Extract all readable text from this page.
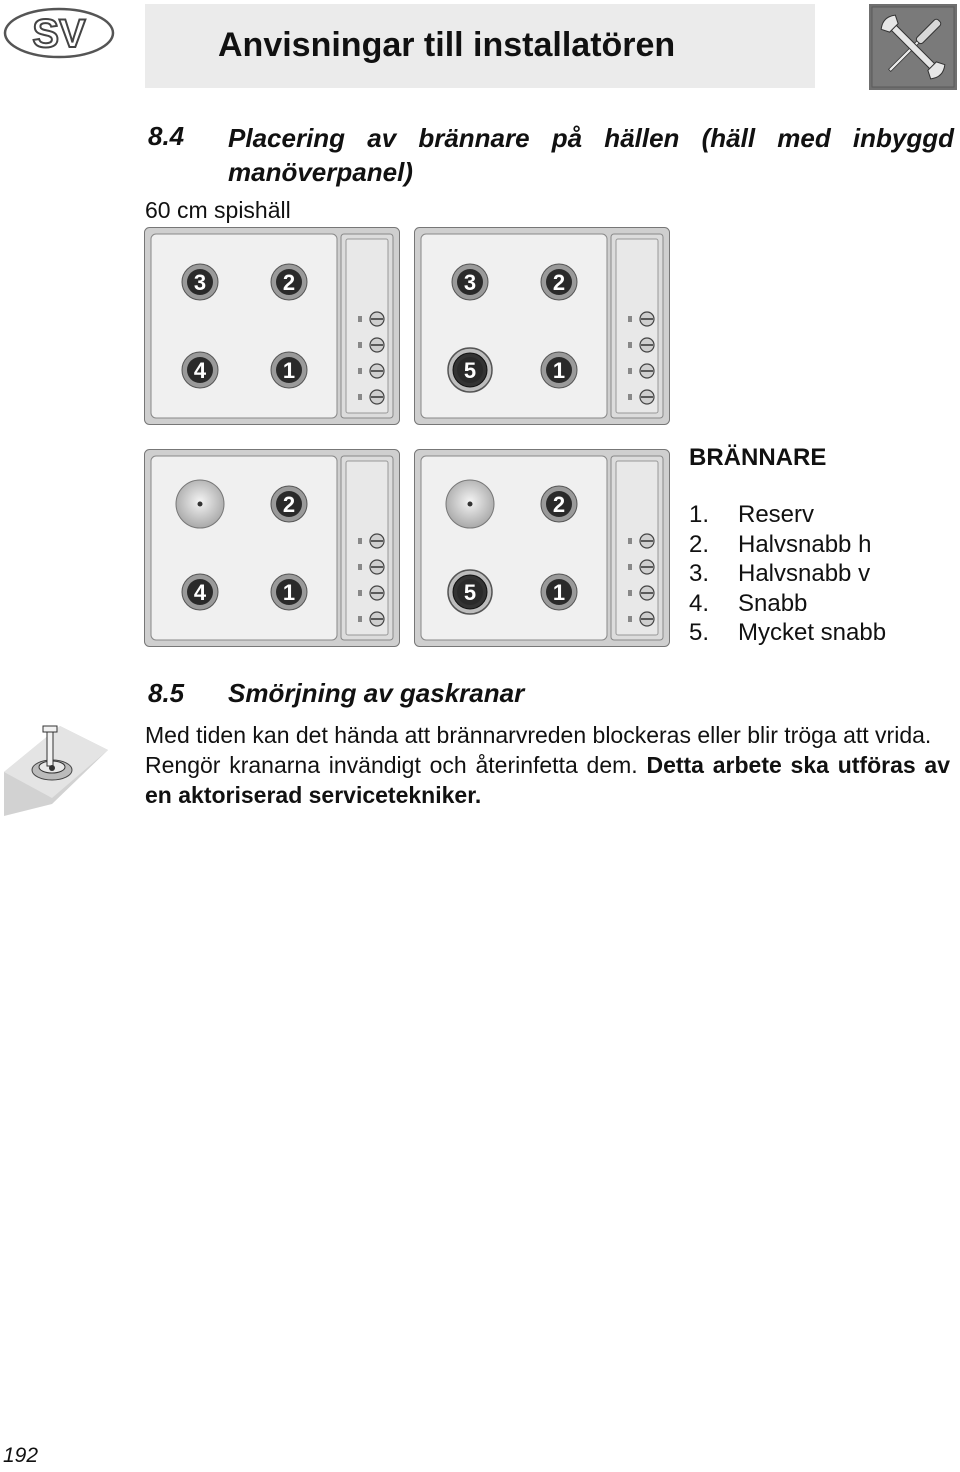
SV	Anvisningar till installatören
8.4 Placering av brännare på hällen (häll med inbyggd manöverpanel)
60 cm spishäll
3	2
4	1
3	2
5	1
2
4	1
2
5	1
BRÄNNARE
1. Reserv
2. Halvsnabb h
3. Halvsnabb v
4. Snabb
5. Mycket snabb
8.5 Smörjning av gaskranar

Med tiden kan det hända att brännarvreden blockeras eller blir tröga att vrida.

Rengör kranarna invändigt och återinfetta dem. Detta arbete ska utföras av en aktoriserad servicetekniker.

192
